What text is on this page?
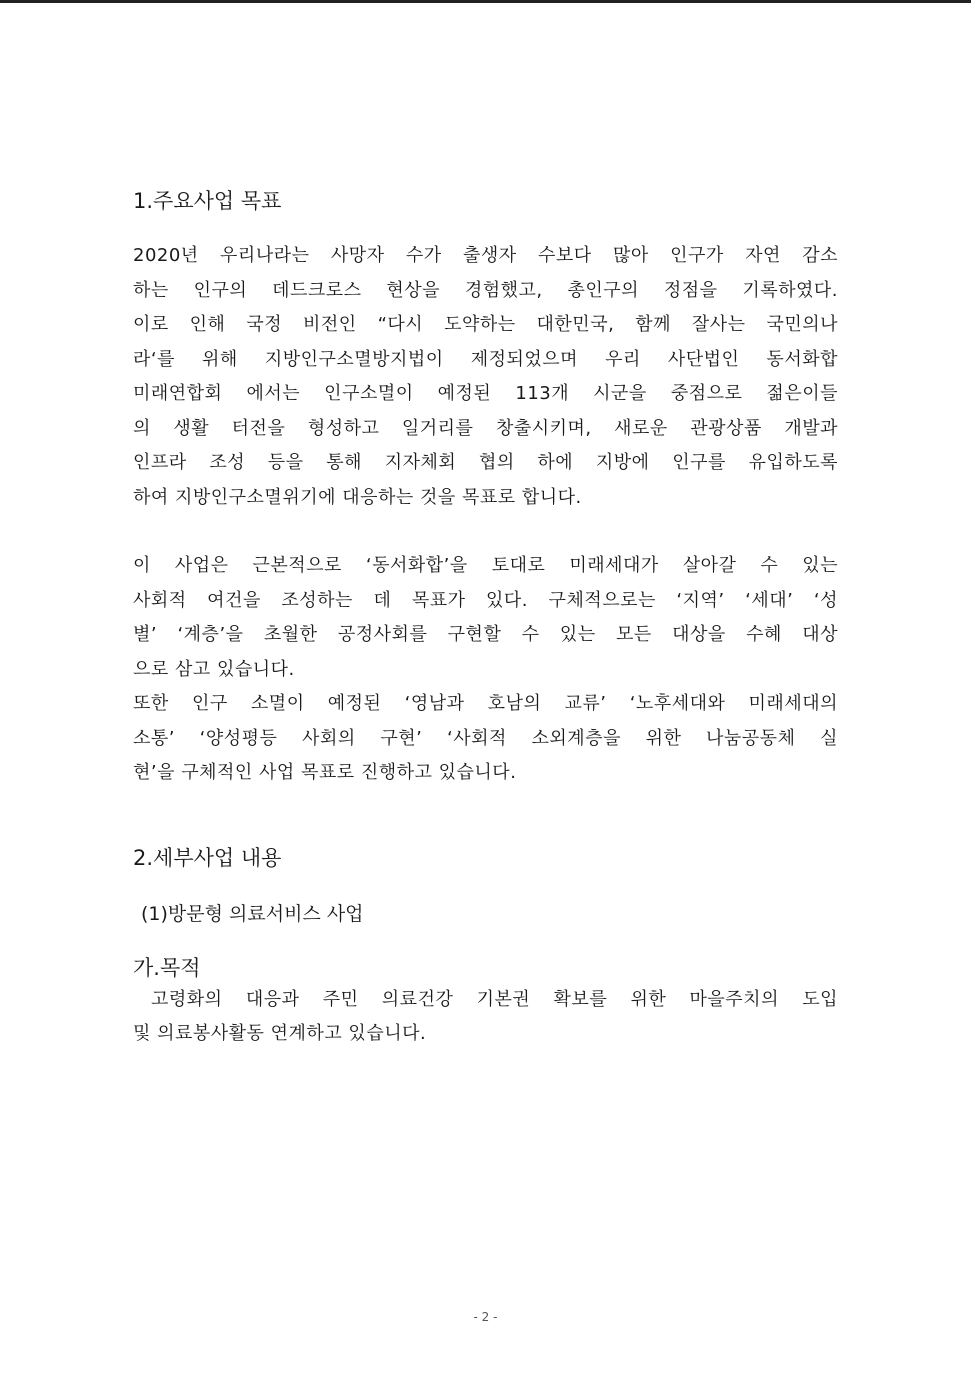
1.주요사업 목표

2020년 우리나라는 사망자 수가 출생자 수보다 많아 인구가 자연 감소
하는 인구의 데드크로스 현상을 경험했고, 총인구의 정점을 기록하였다.
이로 인해 국정 비전인 “다시 도약하는 대한민국, 함께 잘사는 국민의나
라‘를 위해 지방인구소멸방지법이 제정되었으며 우리 사단법인 동서화합
미래연합회 에서는 인구소멸이 예정된 113개 시군을 중점으로 젊은이들
의 생활 터전을 형성하고 일거리를 창출시키며, 새로운 관광상품 개발과
인프라 조성 등을 통해 지자체회 협의 하에 지방에 인구를 유입하도록
하여 지방인구소멸위기에 대응하는 것을 목표로 합니다.

이 사업은 근본적으로 ‘동서화합’을 토대로 미래세대가 살아갈 수 있는
사회적 여건을 조성하는 데 목표가 있다. 구체적으로는 ‘지역’ ‘세대’ ‘성
별’ ‘계층’을 초월한 공정사회를 구현할 수 있는 모든 대상을 수혜 대상
으로 삼고 있습니다.

또한 인구 소멸이 예정된 ‘영남과 호남의 교류’ ‘노후세대와 미래세대의
소통’ ‘양성평등 사회의 구현’ ‘사회적 소외계층을 위한 나눔공동체 실
현’을 구체적인 사업 목표로 진행하고 있습니다.

2.세부사업 내용
(1)방문형 의료서비스 사업
가.목적

고령화의 대응과 주민 의료건강 기본권 확보를 위한 마을주치의 도입
및 의료봉사활동 연계하고 있습니다.

- 2 -
